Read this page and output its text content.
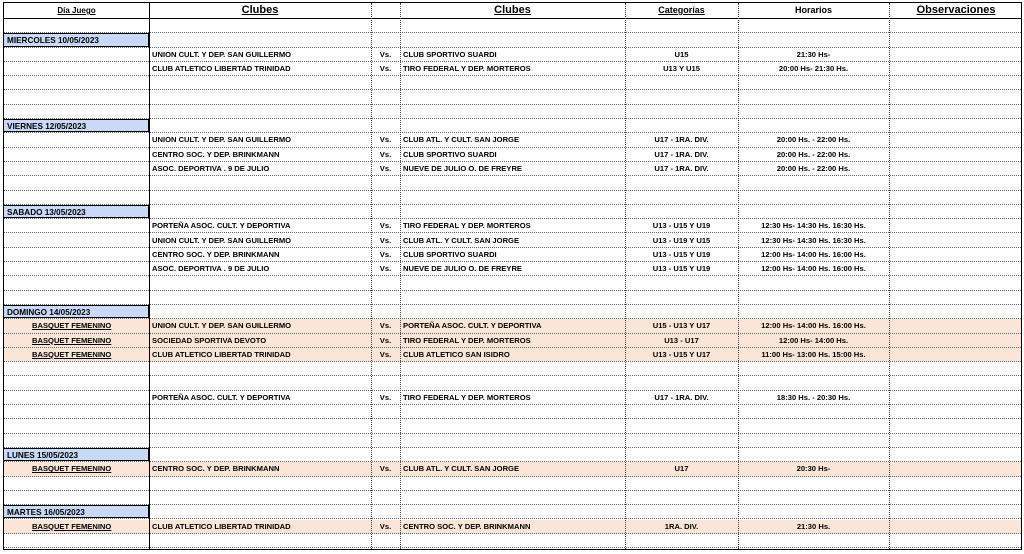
Día Juego	Clubes	Clubes	Categorías	Horarios	Observaciones
MIERCOLES 10/05/2023
UNION CULT. Y DEP. SAN GUILLERMO	Vs.	CLUB SPORTIVO SUARDI	U15	21:30 Hs-
CLUB ATLETICO LIBERTAD TRINIDAD	Vs.	TIRO FEDERAL Y DEP. MORTEROS	U13 Y U15	20:00 Hs- 21:30 Hs.
VIERNES 12/05/2023
UNION CULT. Y DEP. SAN GUILLERMO	Vs.	CLUB ATL. Y CULT. SAN JORGE	U17 - 1RA. DIV.	20:00 Hs. - 22:00 Hs.
CENTRO SOC. Y DEP. BRINKMANN	Vs.	CLUB SPORTIVO SUARDI	U17 - 1RA. DIV.	20:00 Hs. - 22:00 Hs.
ASOC. DEPORTIVA . 9 DE JULIO	Vs.	NUEVE DE JULIO O. DE FREYRE	U17 - 1RA. DIV.	20:00 Hs. - 22:00 Hs.
SABADO 13/05/2023
PORTEÑA ASOC. CULT. Y DEPORTIVA	Vs.	TIRO FEDERAL Y DEP. MORTEROS	U13 - U15 Y U19	12:30 Hs- 14:30 Hs. 16:30 Hs.
UNION CULT. Y DEP. SAN GUILLERMO	Vs.	CLUB ATL. Y CULT. SAN JORGE	U13 - U19 Y U15	12:30 Hs- 14:30 Hs. 16:30 Hs.
CENTRO SOC. Y DEP. BRINKMANN	Vs.	CLUB SPORTIVO SUARDI	U13 - U15 Y U19	12:00 Hs- 14:00 Hs. 16:00 Hs.
ASOC. DEPORTIVA . 9 DE JULIO	Vs.	NUEVE DE JULIO O. DE FREYRE	U13 - U15 Y U19	12:00 Hs- 14:00 Hs. 16:00 Hs.
DOMINGO 14/05/2023
BASQUET FEMENINO	UNION CULT. Y DEP. SAN GUILLERMO	Vs.	PORTEÑA ASOC. CULT. Y DEPORTIVA	U15 - U13 Y U17	12:00 Hs- 14:00 Hs. 16:00 Hs.
BASQUET FEMENINO	SOCIEDAD SPORTIVA DEVOTO	Vs.	TIRO FEDERAL Y DEP. MORTEROS	U13 - U17	12:00 Hs- 14:00 Hs.
BASQUET FEMENINO	CLUB ATLETICO LIBERTAD TRINIDAD	Vs.	CLUB ATLETICO SAN ISIDRO	U13 - U15 Y U17	11:00 Hs- 13:00 Hs. 15:00 Hs.
PORTEÑA ASOC. CULT. Y DEPORTIVA	Vs.	TIRO FEDERAL Y DEP. MORTEROS	U17 - 1RA. DIV.	18:30 Hs. - 20:30 Hs.
LUNES 15/05/2023
BASQUET FEMENINO	CENTRO SOC. Y DEP. BRINKMANN	Vs.	CLUB ATL. Y CULT. SAN JORGE	U17	20:30 Hs-
MARTES 16/05/2023
BASQUET FEMENINO	CLUB ATLETICO LIBERTAD TRINIDAD	Vs.	CENTRO SOC. Y DEP. BRINKMANN	1RA. DIV.	21:30 Hs.
